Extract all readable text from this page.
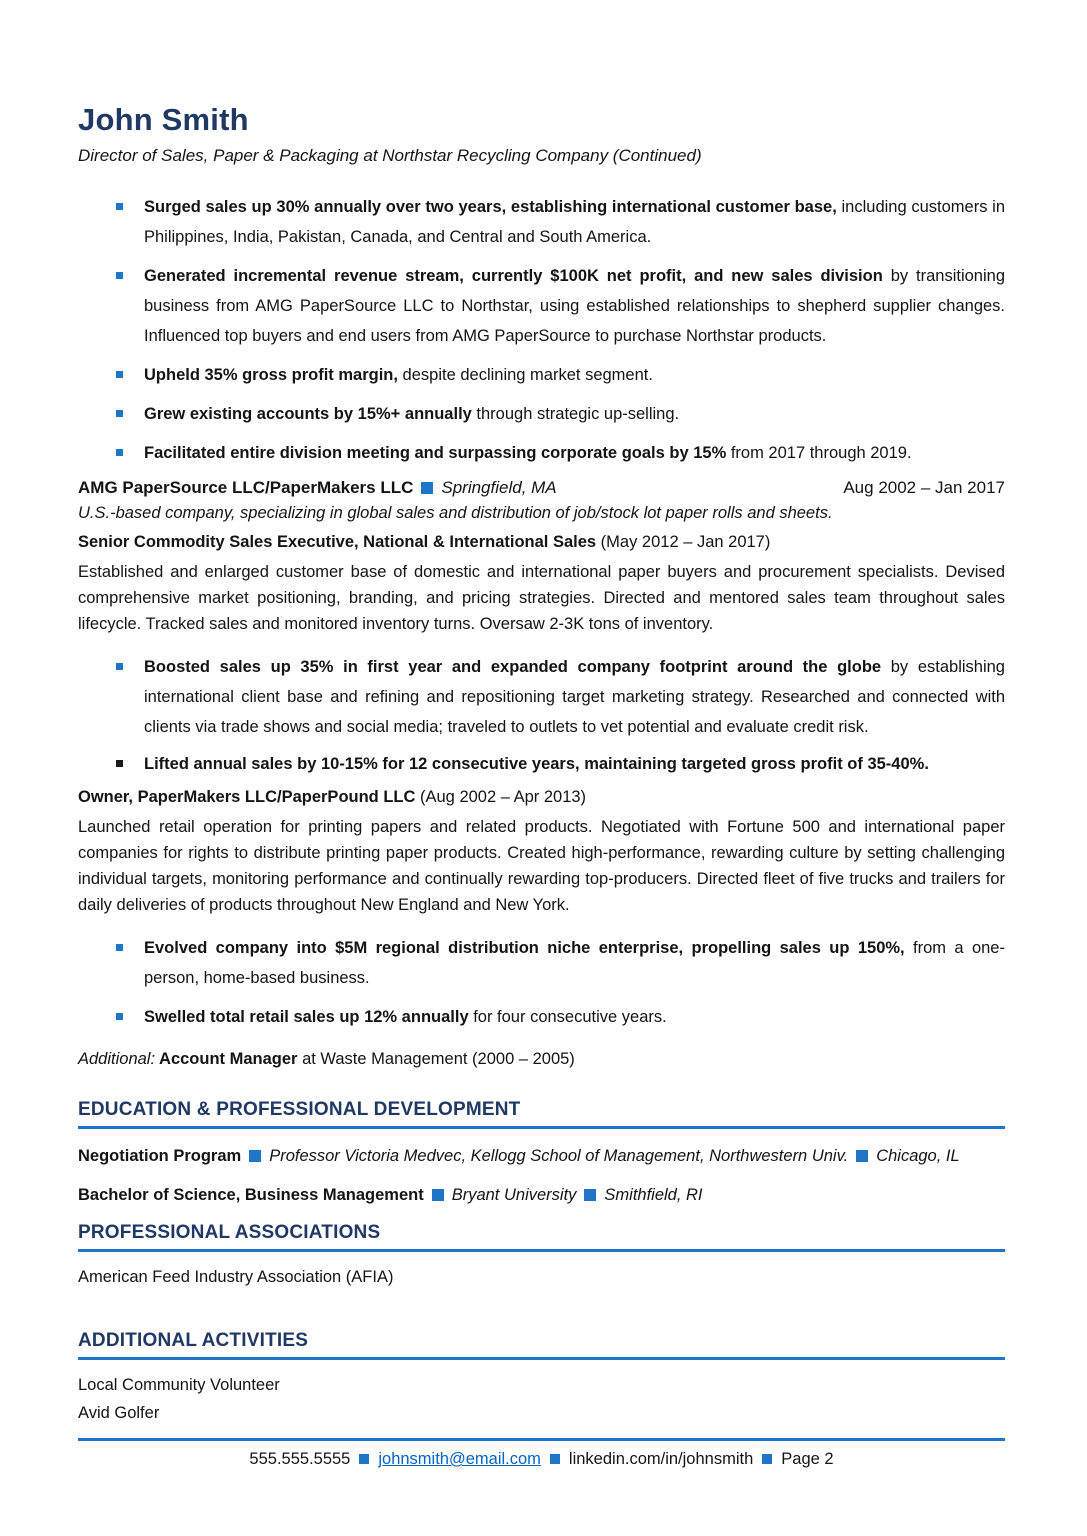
John Smith
Director of Sales, Paper & Packaging at Northstar Recycling Company (Continued)
Surged sales up 30% annually over two years, establishing international customer base, including customers in Philippines, India, Pakistan, Canada, and Central and South America.
Generated incremental revenue stream, currently $100K net profit, and new sales division by transitioning business from AMG PaperSource LLC to Northstar, using established relationships to shepherd supplier changes. Influenced top buyers and end users from AMG PaperSource to purchase Northstar products.
Upheld 35% gross profit margin, despite declining market segment.
Grew existing accounts by 15%+ annually through strategic up-selling.
Facilitated entire division meeting and surpassing corporate goals by 15% from 2017 through 2019.
AMG PaperSource LLC/PaperMakers LLC Springfield, MA	Aug 2002 – Jan 2017
U.S.-based company, specializing in global sales and distribution of job/stock lot paper rolls and sheets.
Senior Commodity Sales Executive, National & International Sales (May 2012 – Jan 2017)

Established and enlarged customer base of domestic and international paper buyers and procurement specialists. Devised comprehensive market positioning, branding, and pricing strategies. Directed and mentored sales team throughout sales lifecycle. Tracked sales and monitored inventory turns. Oversaw 2-3K tons of inventory.

Boosted sales up 35% in first year and expanded company footprint around the globe by establishing international client base and refining and repositioning target marketing strategy. Researched and connected with clients via trade shows and social media; traveled to outlets to vet potential and evaluate credit risk.
Lifted annual sales by 10-15% for 12 consecutive years, maintaining targeted gross profit of 35-40%.
Owner, PaperMakers LLC/PaperPound LLC (Aug 2002 – Apr 2013)

Launched retail operation for printing papers and related products. Negotiated with Fortune 500 and international paper companies for rights to distribute printing paper products. Created high-performance, rewarding culture by setting challenging individual targets, monitoring performance and continually rewarding top-producers. Directed fleet of five trucks and trailers for daily deliveries of products throughout New England and New York.

Evolved company into $5M regional distribution niche enterprise, propelling sales up 150%, from a one-person, home-based business.
Swelled total retail sales up 12% annually for four consecutive years.
Additional: Account Manager at Waste Management (2000 – 2005)
EDUCATION & PROFESSIONAL DEVELOPMENT
Negotiation Program Professor Victoria Medvec, Kellogg School of Management, Northwestern Univ. Chicago, IL
Bachelor of Science, Business Management Bryant University Smithfield, RI
PROFESSIONAL ASSOCIATIONS
American Feed Industry Association (AFIA)
ADDITIONAL ACTIVITIES
Local Community Volunteer
Avid Golfer
555.555.5555 johnsmith@email.com linkedin.com/in/johnsmith Page 2
